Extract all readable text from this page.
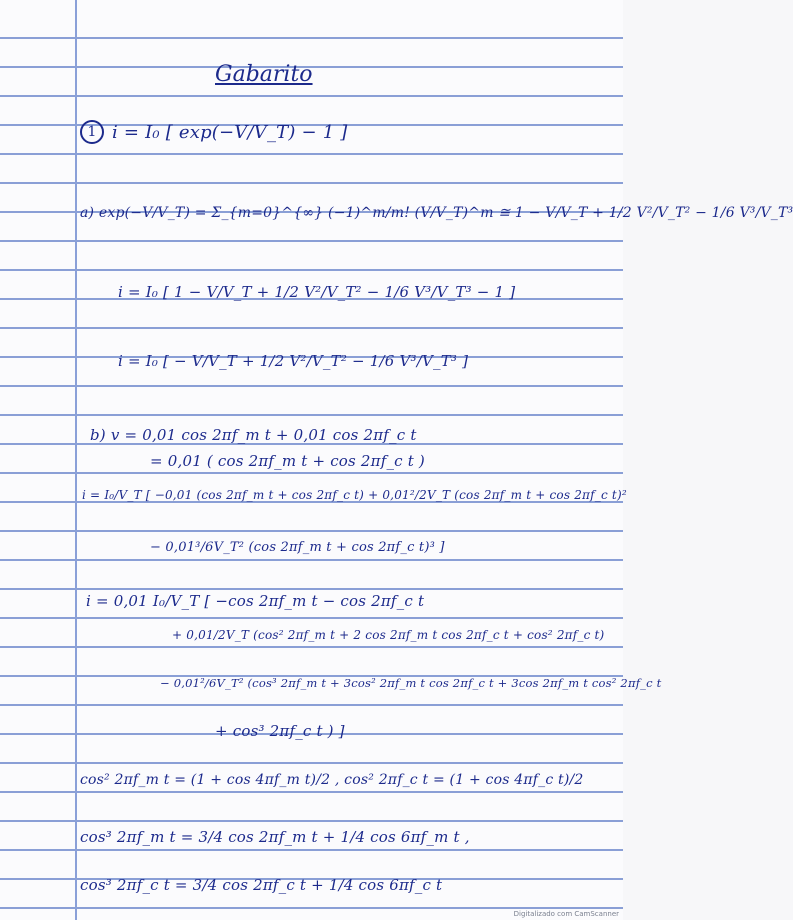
Gabarito
1 i = I₀ [ exp(−V/V_T) − 1 ]
a) exp(−V/V_T) = Σ_{m=0}^{∞} (−1)^m/m! (V/V_T)^m ≅ 1 − V/V_T + 1/2 V²/V_T² − 1/6 V³/V_T³
i = I₀ [ 1 − V/V_T + 1/2 V²/V_T² − 1/6 V³/V_T³ − 1 ]
i = I₀ [ − V/V_T + 1/2 V²/V_T² − 1/6 V³/V_T³ ]
b) v = 0,01 cos 2πf_m t + 0,01 cos 2πf_c t
= 0,01 ( cos 2πf_m t + cos 2πf_c t )
i = I₀/V_T [ −0,01 (cos 2πf_m t + cos 2πf_c t) + 0,01²/2V_T (cos 2πf_m t + cos 2πf_c t)²
− 0,01³/6V_T² (cos 2πf_m t + cos 2πf_c t)³ ]
i = 0,01 I₀/V_T [ −cos 2πf_m t − cos 2πf_c t
+ 0,01/2V_T (cos² 2πf_m t + 2 cos 2πf_m t cos 2πf_c t + cos² 2πf_c t)
− 0,01²/6V_T² (cos³ 2πf_m t + 3cos² 2πf_m t cos 2πf_c t + 3cos 2πf_m t cos² 2πf_c t
+ cos³ 2πf_c t ) ]
cos² 2πf_m t = (1 + cos 4πf_m t)/2 , cos² 2πf_c t = (1 + cos 4πf_c t)/2
cos³ 2πf_m t = 3/4 cos 2πf_m t + 1/4 cos 6πf_m t ,
cos³ 2πf_c t = 3/4 cos 2πf_c t + 1/4 cos 6πf_c t
Digitalizado com CamScanner
